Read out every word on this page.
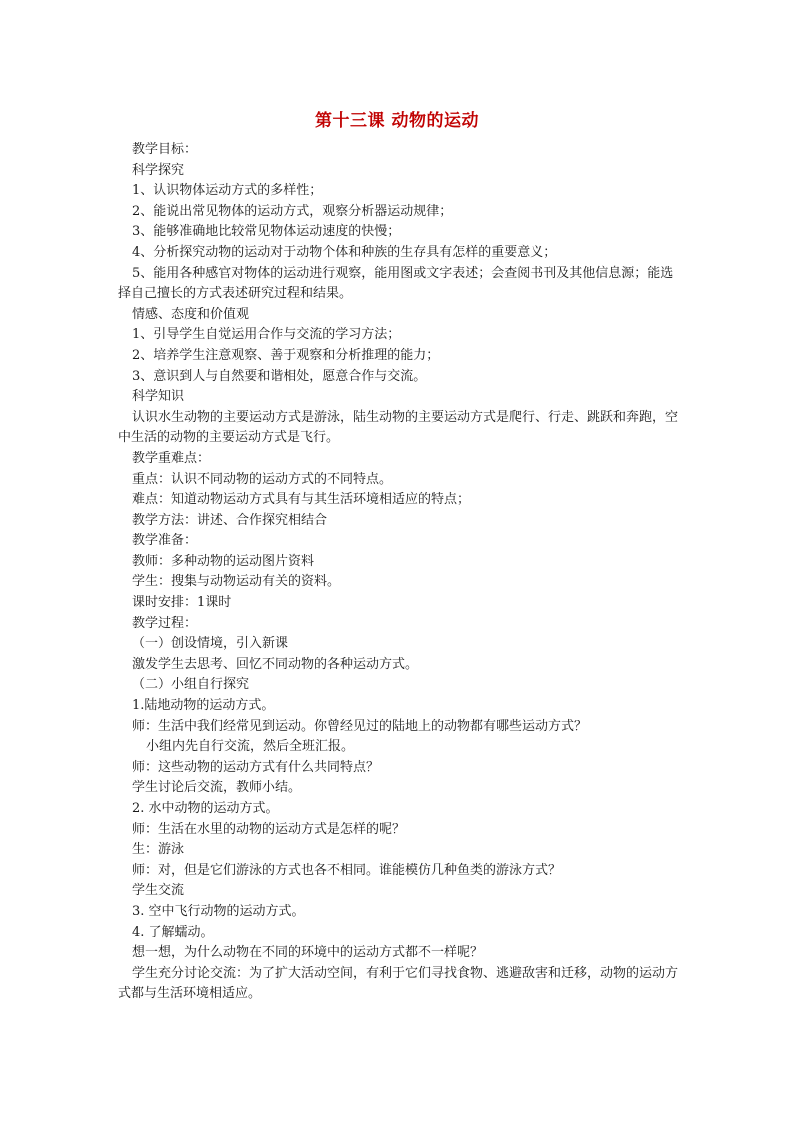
第十三课 动物的运动
教学目标：
科学探究
1、认识物体运动方式的多样性；
2、能说出常见物体的运动方式，观察分析器运动规律；
3、能够准确地比较常见物体运动速度的快慢；
4、分析探究动物的运动对于动物个体和种族的生存具有怎样的重要意义；
5、能用各种感官对物体的运动进行观察，能用图或文字表述；会查阅书刊及其他信息源；能选择自己擅长的方式表述研究过程和结果。
情感、态度和价值观
1、引导学生自觉运用合作与交流的学习方法；
2、培养学生注意观察、善于观察和分析推理的能力；
3、意识到人与自然要和谐相处，愿意合作与交流。
科学知识
认识水生动物的主要运动方式是游泳，陆生动物的主要运动方式是爬行、行走、跳跃和奔跑，空中生活的动物的主要运动方式是飞行。
教学重难点：
重点：认识不同动物的运动方式的不同特点。
难点：知道动物运动方式具有与其生活环境相适应的特点；
教学方法：讲述、合作探究相结合
教学准备：
教师：多种动物的运动图片资料
学生：搜集与动物运动有关的资料。
课时安排：1课时
教学过程：
（一）创设情境，引入新课
激发学生去思考、回忆不同动物的各种运动方式。
（二）小组自行探究
1.陆地动物的运动方式。
师：生活中我们经常见到运动。你曾经见过的陆地上的动物都有哪些运动方式？
小组内先自行交流，然后全班汇报。
师：这些动物的运动方式有什么共同特点？
学生讨论后交流，教师小结。
2. 水中动物的运动方式。
师：生活在水里的动物的运动方式是怎样的呢？
生：游泳
师：对，但是它们游泳的方式也各不相同。谁能模仿几种鱼类的游泳方式？
学生交流
3. 空中飞行动物的运动方式。
4. 了解蠕动。
想一想，为什么动物在不同的环境中的运动方式都不一样呢？
学生充分讨论交流：为了扩大活动空间，有利于它们寻找食物、逃避敌害和迁移，动物的运动方式都与生活环境相适应。
